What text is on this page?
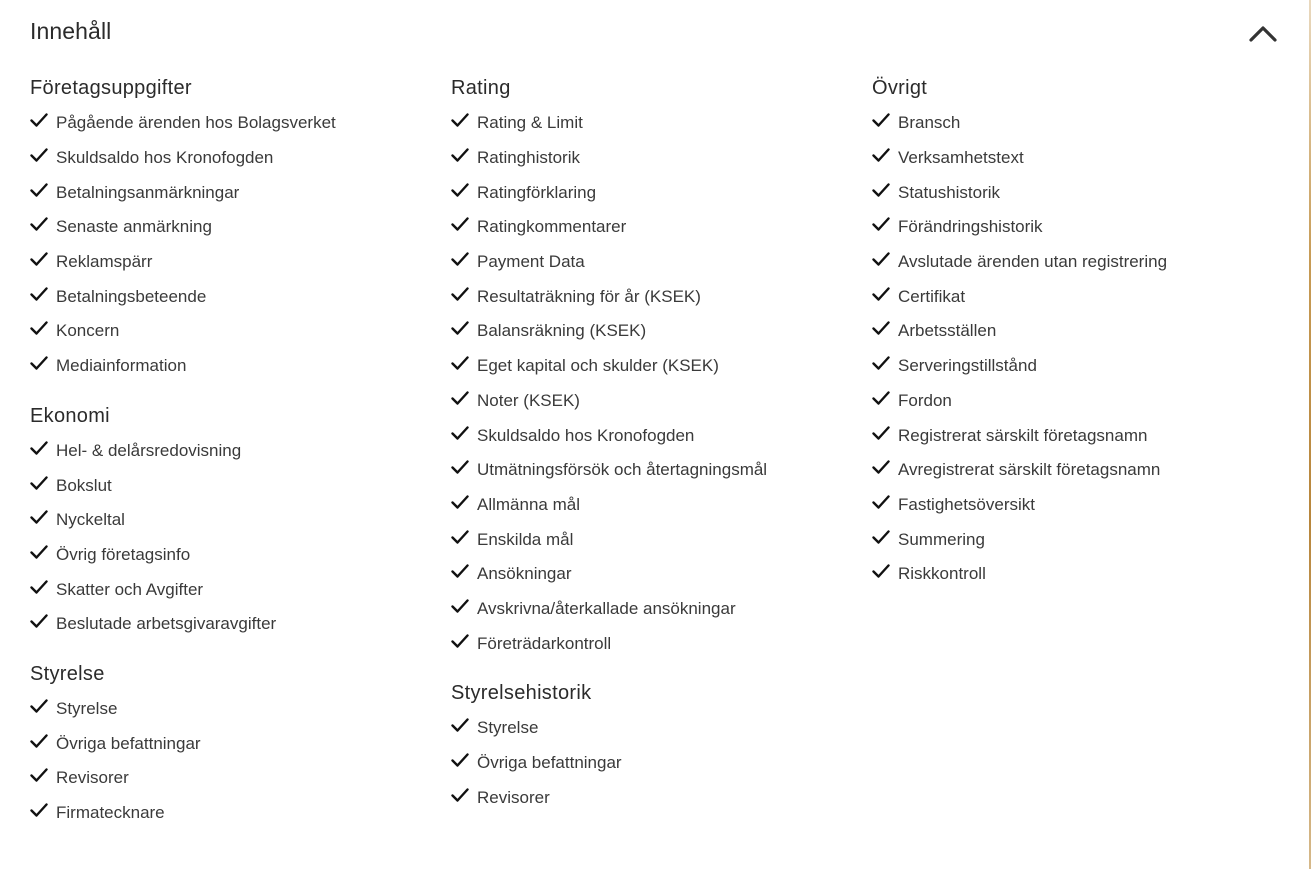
Innehåll
Företagsuppgifter
Pågående ärenden hos Bolagsverket
Skuldsaldo hos Kronofogden
Betalningsanmärkningar
Senaste anmärkning
Reklamspärr
Betalningsbeteende
Koncern
Mediainformation
Ekonomi
Hel- & delårsredovisning
Bokslut
Nyckeltal
Övrig företagsinfo
Skatter och Avgifter
Beslutade arbetsgivaravgifter
Styrelse
Styrelse
Övriga befattningar
Revisorer
Firmatecknare
Rating
Rating & Limit
Ratinghistorik
Ratingförklaring
Ratingkommentarer
Payment Data
Resultaträkning för år (KSEK)
Balansräkning (KSEK)
Eget kapital och skulder (KSEK)
Noter (KSEK)
Skuldsaldo hos Kronofogden
Utmätningsförsök och återtagningsmål
Allmänna mål
Enskilda mål
Ansökningar
Avskrivna/återkallade ansökningar
Företrädarkontroll
Styrelsehistorik
Styrelse
Övriga befattningar
Revisorer
Övrigt
Bransch
Verksamhetstext
Statushistorik
Förändringshistorik
Avslutade ärenden utan registrering
Certifikat
Arbetsställen
Serveringstillstånd
Fordon
Registrerat särskilt företagsnamn
Avregistrerat särskilt företagsnamn
Fastighetsöversikt
Summering
Riskkontroll
